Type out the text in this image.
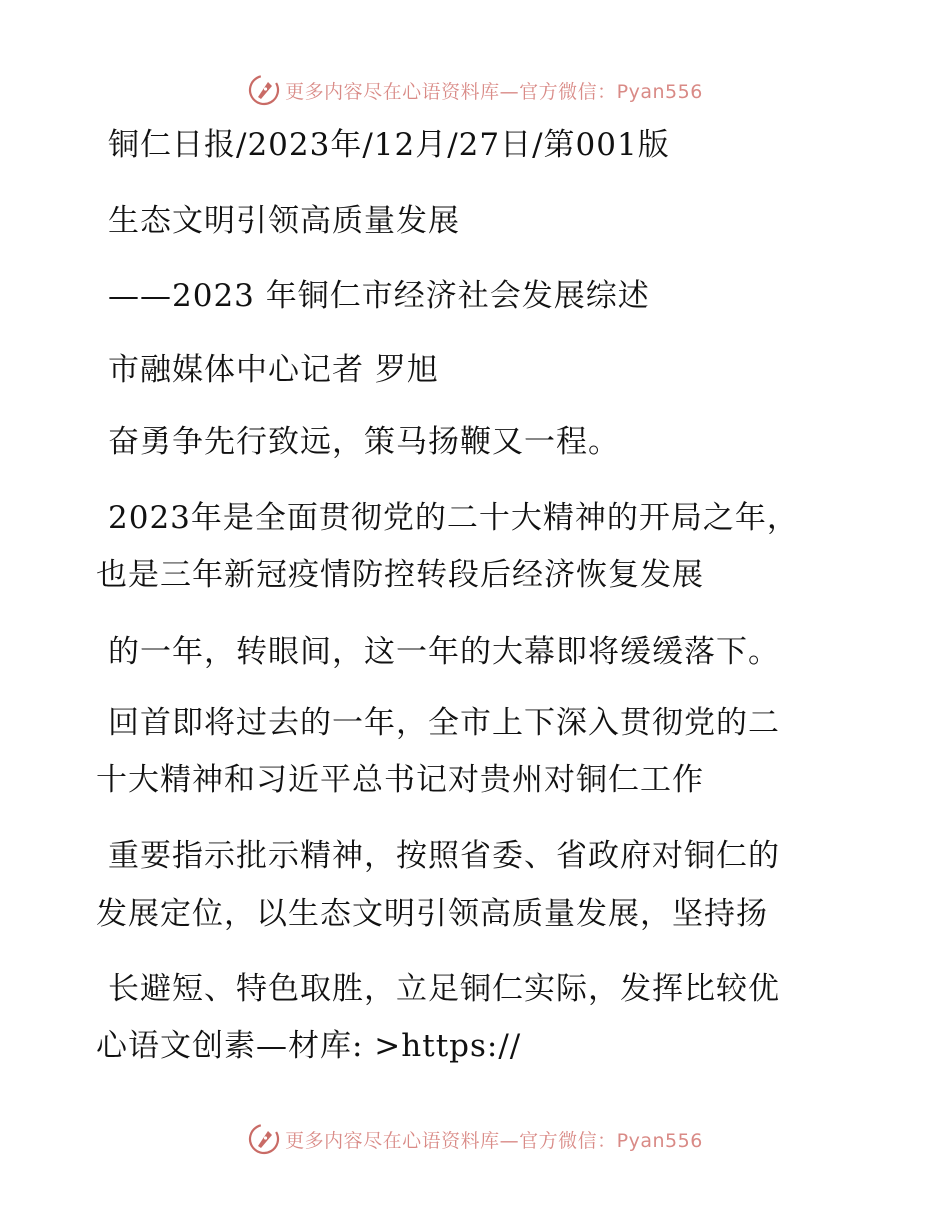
更多内容尽在心语资料库—官方微信：Pyan556
铜仁日报/2023年/12月/27日/第001版
生态文明引领高质量发展
——2023 年铜仁市经济社会发展综述
市融媒体中心记者 罗旭
奋勇争先行致远，策马扬鞭又一程。
2023年是全面贯彻党的二十大精神的开局之年，
也是三年新冠疫情防控转段后经济恢复发展
的一年，转眼间，这一年的大幕即将缓缓落下。
回首即将过去的一年，全市上下深入贯彻党的二
十大精神和习近平总书记对贵州对铜仁工作
重要指示批示精神，按照省委、省政府对铜仁的
发展定位，以生态文明引领高质量发展，坚持扬
长避短、特色取胜，立足铜仁实际，发挥比较优
心语文创素—材库: >https://
更多内容尽在心语资料库—官方微信：Pyan556
